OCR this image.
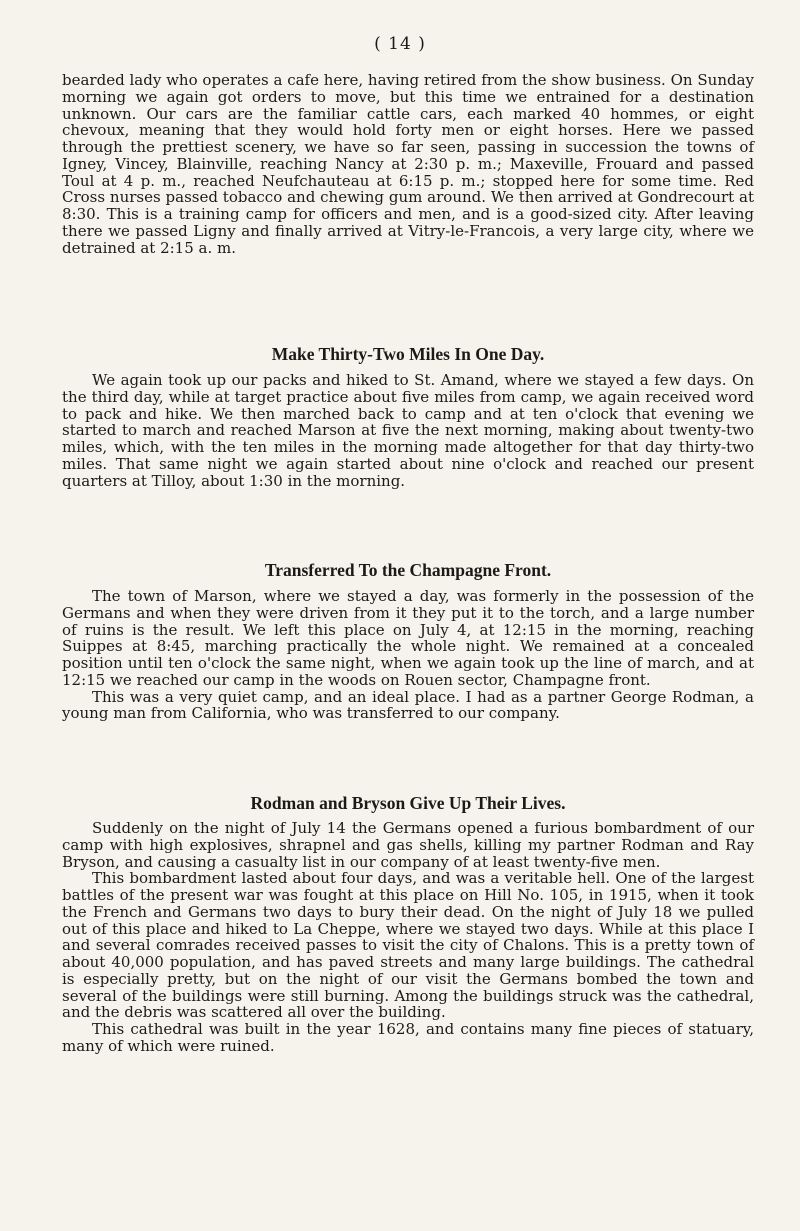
( 14 )

bearded lady who operates a cafe here, having retired from the show business. On Sunday morning we again got orders to move, but this time we entrained for a destination unknown. Our cars are the familiar cattle cars, each marked 40 hommes, or eight chevoux, meaning that they would hold forty men or eight horses. Here we passed through the prettiest scenery, we have so far seen, passing in succession the towns of Igney, Vincey, Blainville, reaching Nancy at 2:30 p. m.; Maxeville, Frouard and passed Toul at 4 p. m., reached Neufchauteau at 6:15 p. m.; stopped here for some time. Red Cross nurses passed tobacco and chewing gum around. We then arrived at Gondrecourt at 8:30. This is a training camp for officers and men, and is a good-sized city. After leaving there we passed Ligny and finally arrived at Vitry-le-Francois, a very large city, where we detrained at 2:15 a. m.

Make Thirty-Two Miles In One Day.

We again took up our packs and hiked to St. Amand, where we stayed a few days. On the third day, while at target practice about five miles from camp, we again received word to pack and hike. We then marched back to camp and at ten o'clock that evening we started to march and reached Marson at five the next morning, making about twenty-two miles, which, with the ten miles in the morning made altogether for that day thirty-two miles. That same night we again started about nine o'clock and reached our present quarters at Tilloy, about 1:30 in the morning.

Transferred To the Champagne Front.

The town of Marson, where we stayed a day, was formerly in the possession of the Germans and when they were driven from it they put it to the torch, and a large number of ruins is the result. We left this place on July 4, at 12:15 in the morning, reaching Suippes at 8:45, marching practically the whole night. We remained at a concealed position until ten o'clock the same night, when we again took up the line of march, and at 12:15 we reached our camp in the woods on Rouen sector, Champagne front.

This was a very quiet camp, and an ideal place. I had as a partner George Rodman, a young man from California, who was transferred to our company.

Rodman and Bryson Give Up Their Lives.

Suddenly on the night of July 14 the Germans opened a furious bombardment of our camp with high explosives, shrapnel and gas shells, killing my partner Rodman and Ray Bryson, and causing a casualty list in our company of at least twenty-five men.

This bombardment lasted about four days, and was a veritable hell. One of the largest battles of the present war was fought at this place on Hill No. 105, in 1915, when it took the French and Germans two days to bury their dead. On the night of July 18 we pulled out of this place and hiked to La Cheppe, where we stayed two days. While at this place I and several comrades received passes to visit the city of Chalons. This is a pretty town of about 40,000 population, and has paved streets and many large buildings. The cathedral is especially pretty, but on the night of our visit the Germans bombed the town and several of the buildings were still burning. Among the buildings struck was the cathedral, and the debris was scattered all over the building.

This cathedral was built in the year 1628, and contains many fine pieces of statuary, many of which were ruined.
